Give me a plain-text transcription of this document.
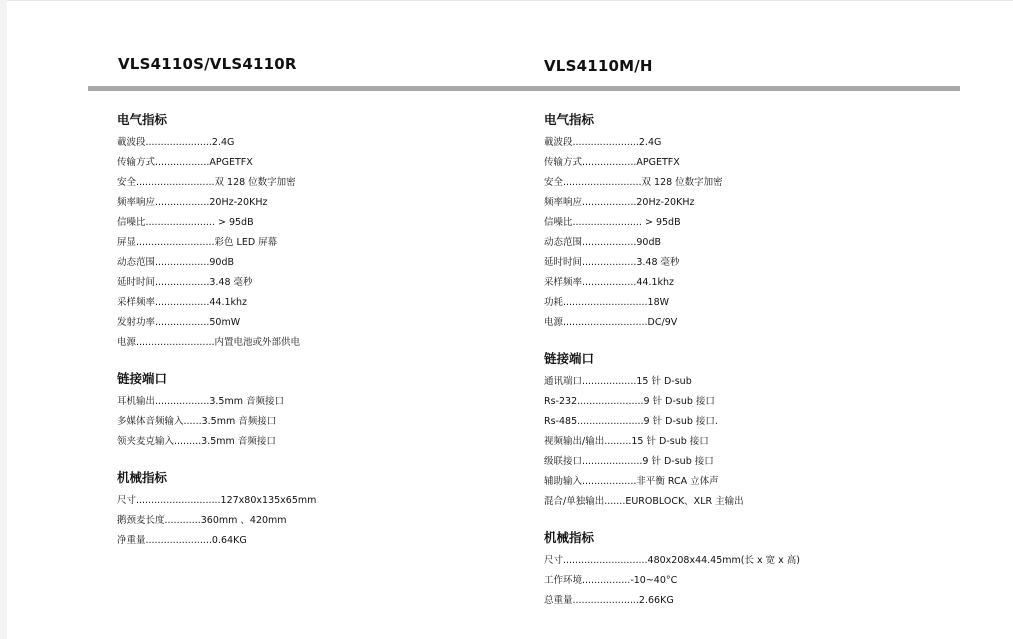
VLS4110S/VLS4110R	VLS4110M/H
电气指标
載波段......................2.4G
传输方式..................APGETFX
安全..........................双 128 位数字加密
频率响应..................20Hz-20KHz
信噪比....................... > 95dB
屏显..........................彩色 LED 屏幕
动态范围..................90dB
延时时间..................3.48 毫秒
采样频率..................44.1khz
发射功率..................50mW
电源..........................内置电池或外部供电
链接端口
耳机输出..................3.5mm 音频接口
多媒体音频输入......3.5mm 音频接口
领夹麦克输入.........3.5mm 音频接口
机械指标
尺寸............................127x80x135x65mm
鹅颈麦长度............360mm 、420mm
净重量......................0.64KG
电气指标
載波段......................2.4G
传输方式..................APGETFX
安全..........................双 128 位数字加密
频率响应..................20Hz-20KHz
信噪比....................... > 95dB
动态范围..................90dB
延时时间..................3.48 毫秒
采样频率..................44.1khz
功耗............................18W
电源............................DC/9V
链接端口
通讯端口..................15 针 D-sub
Rs-232......................9 针 D-sub 接口
Rs-485......................9 针 D-sub 接口.
视频输出/输出.........15 针 D-sub 接口
级联接口....................9 针 D-sub 接口
辅助输入..................非平衡 RCA 立体声
混合/单独输出.......EUROBLOCK、XLR 主输出
机械指标
尺寸............................480x208x44.45mm(长 x 宽 x 高)
工作环境................-10~40°C
总重量......................2.66KG
